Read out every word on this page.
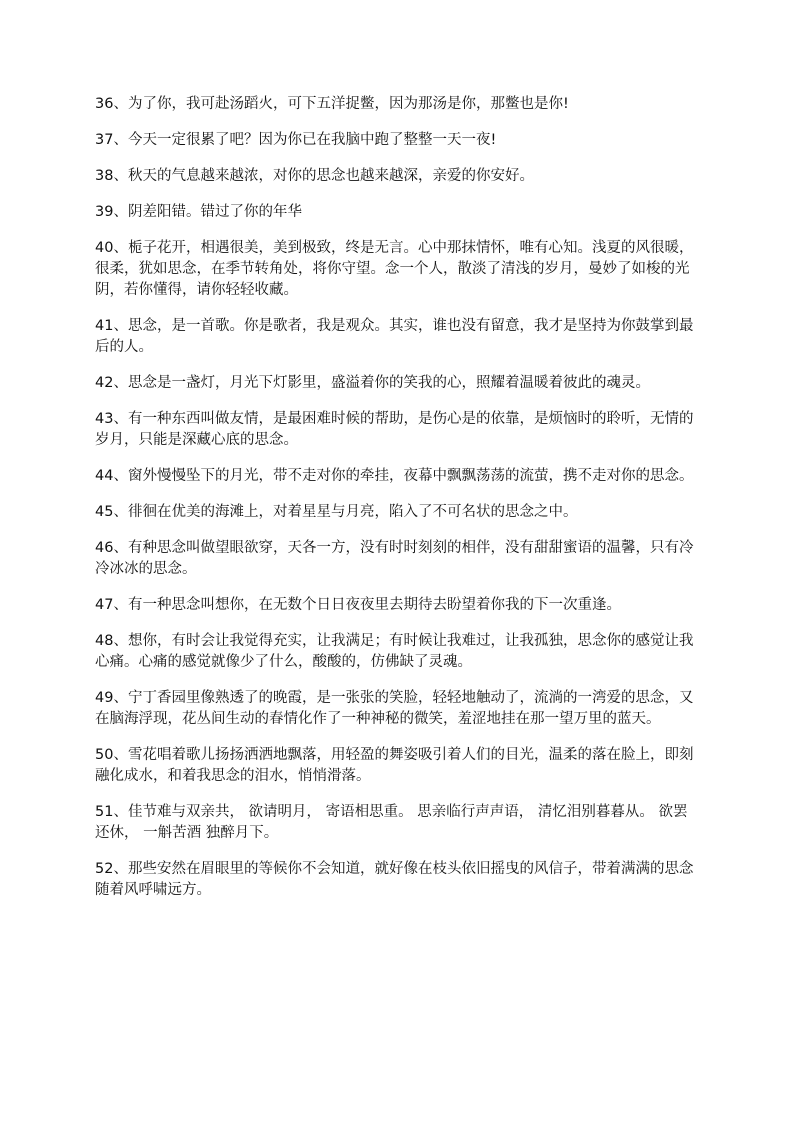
36、为了你，我可赴汤蹈火，可下五洋捉鳖，因为那汤是你，那鳖也是你!

37、今天一定很累了吧？因为你已在我脑中跑了整整一天一夜!

38、秋天的气息越来越浓，对你的思念也越来越深，亲爱的你安好。

39、阴差阳错。错过了你的年华

40、栀子花开，相遇很美，美到极致，终是无言。心中那抹情怀，唯有心知。浅夏的风很暖，很柔，犹如思念，在季节转角处，将你守望。念一个人，散淡了清浅的岁月，曼妙了如梭的光阴，若你懂得，请你轻轻收藏。

41、思念，是一首歌。你是歌者，我是观众。其实，谁也没有留意，我才是坚持为你鼓掌到最后的人。

42、思念是一盏灯，月光下灯影里，盛溢着你的笑我的心，照耀着温暖着彼此的魂灵。

43、有一种东西叫做友情，是最困难时候的帮助，是伤心是的依靠，是烦恼时的聆听，无情的岁月，只能是深藏心底的思念。

44、窗外慢慢坠下的月光，带不走对你的牵挂，夜幕中飘飘荡荡的流萤，携不走对你的思念。

45、徘徊在优美的海滩上，对着星星与月亮，陷入了不可名状的思念之中。

46、有种思念叫做望眼欲穿，天各一方，没有时时刻刻的相伴，没有甜甜蜜语的温馨，只有冷冷冰冰的思念。

47、有一种思念叫想你，在无数个日日夜夜里去期待去盼望着你我的下一次重逢。

48、想你，有时会让我觉得充实，让我满足；有时候让我难过，让我孤独，思念你的感觉让我心痛。心痛的感觉就像少了什么，酸酸的，仿佛缺了灵魂。

49、宁丁香园里像熟透了的晚霞，是一张张的笑脸，轻轻地触动了，流淌的一湾爱的思念，又在脑海浮现，花丛间生动的春情化作了一种神秘的微笑，羞涩地挂在那一望万里的蓝天。

50、雪花唱着歌儿扬扬洒洒地飘落，用轻盈的舞姿吸引着人们的目光，温柔的落在脸上，即刻融化成水，和着我思念的泪水，悄悄滑落。

51、佳节难与双亲共， 欲请明月， 寄语相思重。 思亲临行声声语， 清忆泪别暮暮从。 欲罢还休， 一斛苦酒 独醉月下。

52、那些安然在眉眼里的等候你不会知道，就好像在枝头依旧摇曳的风信子，带着满满的思念随着风呼啸远方。
